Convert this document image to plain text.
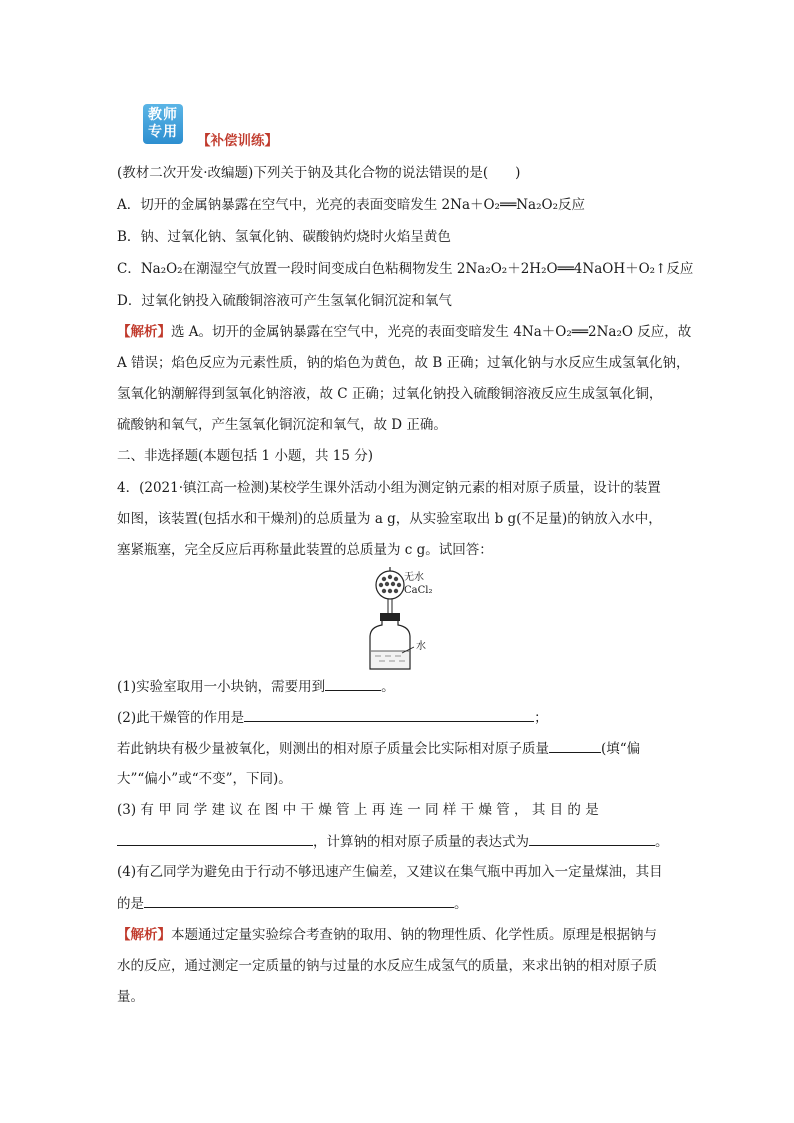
教师
专用
【补偿训练】
(教材二次开发·改编题)下列关于钠及其化合物的说法错误的是(　　)
A．切开的金属钠暴露在空气中，光亮的表面变暗发生 2Na＋O₂══Na₂O₂反应
B．钠、过氧化钠、氢氧化钠、碳酸钠灼烧时火焰呈黄色
C．Na₂O₂在潮湿空气放置一段时间变成白色粘稠物发生 2Na₂O₂＋2H₂O══4NaOH＋O₂↑反应
D．过氧化钠投入硫酸铜溶液可产生氢氧化铜沉淀和氧气
【解析】选 A。切开的金属钠暴露在空气中，光亮的表面变暗发生 4Na＋O₂══2Na₂O 反应，故
A 错误；焰色反应为元素性质，钠的焰色为黄色，故 B 正确；过氧化钠与水反应生成氢氧化钠，
氢氧化钠潮解得到氢氧化钠溶液，故 C 正确；过氧化钠投入硫酸铜溶液反应生成氢氧化铜，
硫酸钠和氧气，产生氢氧化铜沉淀和氧气，故 D 正确。
二、非选择题(本题包括 1 小题，共 15 分)
4．(2021·镇江高一检测)某校学生课外活动小组为测定钠元素的相对原子质量，设计的装置
如图，该装置(包括水和干燥剂)的总质量为 a g，从实验室取出 b g(不足量)的钠放入水中，
塞紧瓶塞，完全反应后再称量此装置的总质量为 c g。试回答：
无水
CaCl₂
水
(1)实验室取用一小块钠，需要用到	。
(2)此干燥管的作用是	；
若此钠块有极少量被氧化，则测出的相对原子质量会比实际相对原子质量	(填“偏
大”“偏小”或“不变”，下同)。
(3) 有 甲 同 学 建 议 在 图 中 干 燥 管 上 再 连 一 同 样 干 燥 管 ， 其 目 的 是
，计算钠的相对原子质量的表达式为	。
(4)有乙同学为避免由于行动不够迅速产生偏差，又建议在集气瓶中再加入一定量煤油，其目
的是	。
【解析】本题通过定量实验综合考查钠的取用、钠的物理性质、化学性质。原理是根据钠与
水的反应，通过测定一定质量的钠与过量的水反应生成氢气的质量，来求出钠的相对原子质
量。
